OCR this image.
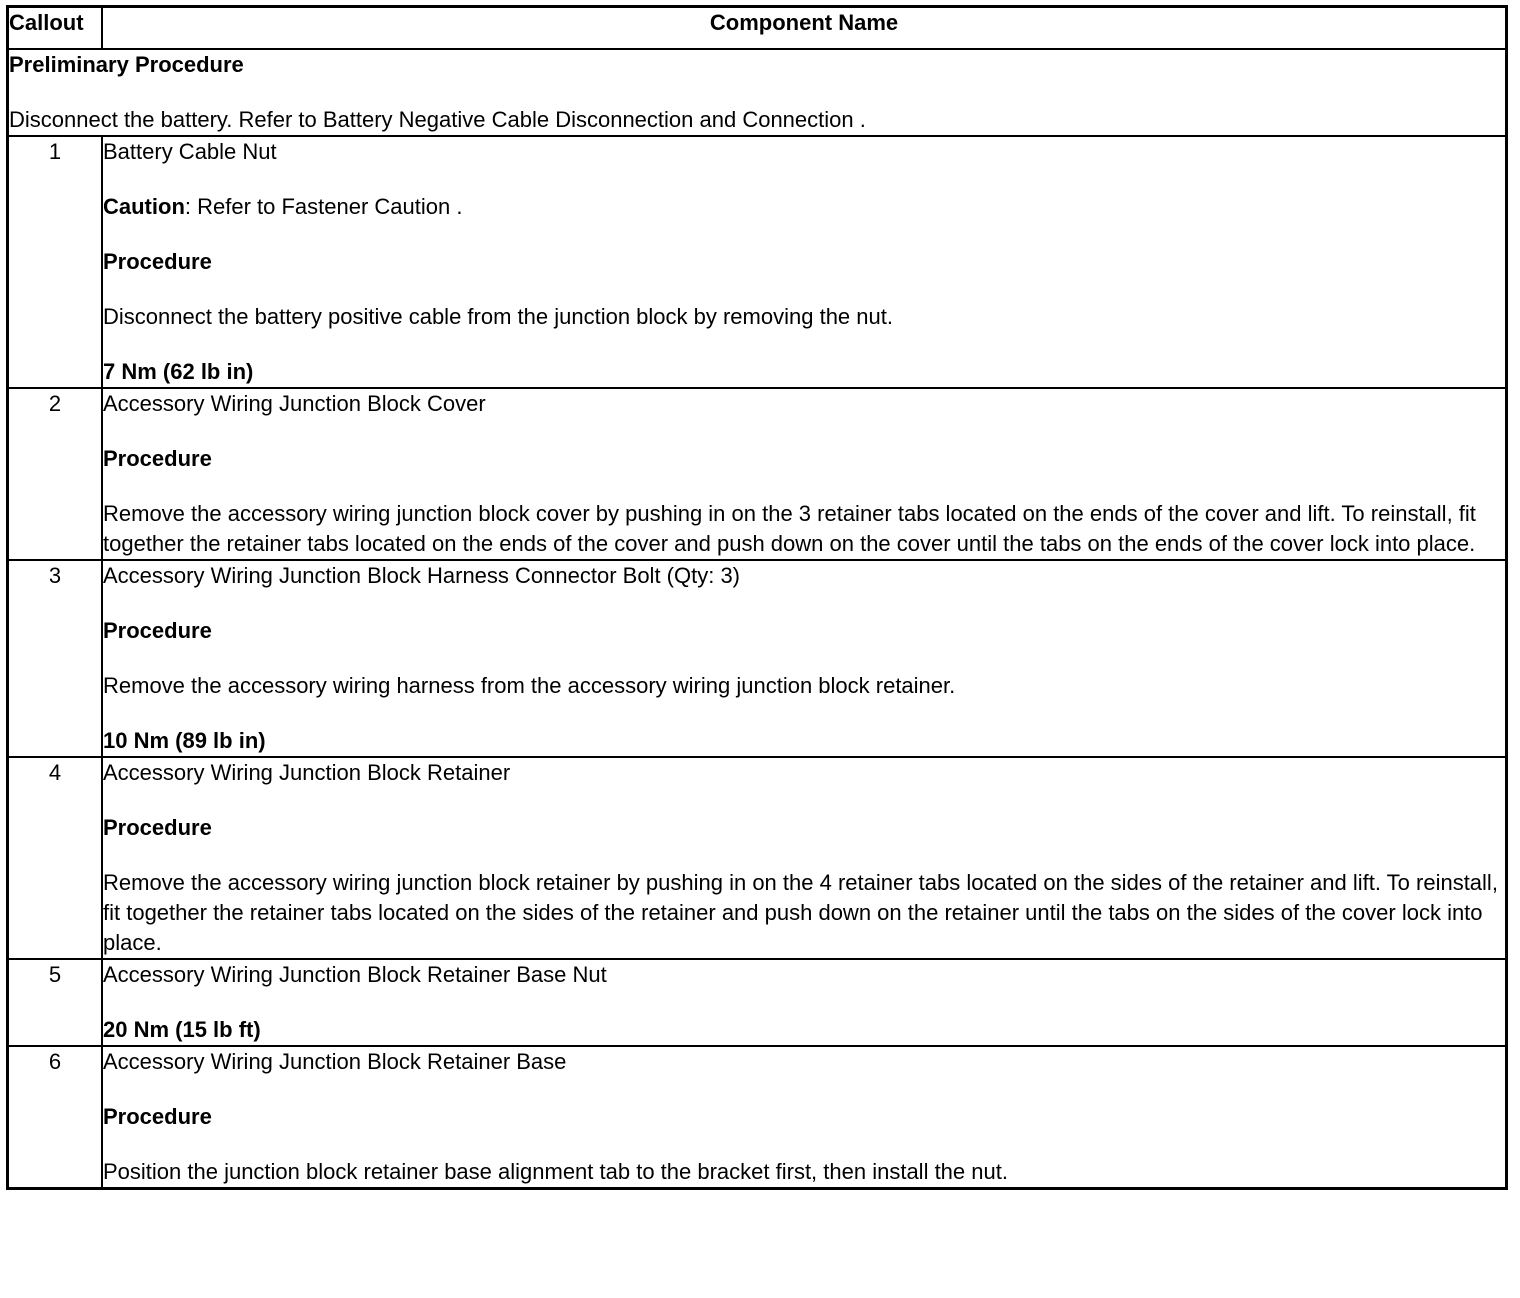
Callout	Component Name

Preliminary Procedure

Disconnect the battery. Refer to Battery Negative Cable Disconnection and Connection .	

1	Battery Cable Nut

Caution: Refer to Fastener Caution .

Procedure

Disconnect the battery positive cable from the junction block by removing the nut.

7 Nm (62 lb in)

2	Accessory Wiring Junction Block Cover

Procedure

Remove the accessory wiring junction block cover by pushing in on the 3 retainer tabs located on the ends of the cover and lift. To reinstall, fit together the retainer tabs located on the ends of the cover and push down on the cover until the tabs on the ends of the cover lock into place.

3	Accessory Wiring Junction Block Harness Connector Bolt (Qty: 3)

Procedure

Remove the accessory wiring harness from the accessory wiring junction block retainer.

10 Nm (89 lb in)

4	Accessory Wiring Junction Block Retainer

Procedure

Remove the accessory wiring junction block retainer by pushing in on the 4 retainer tabs located on the sides of the retainer and lift. To reinstall, fit together the retainer tabs located on the sides of the retainer and push down on the retainer until the tabs on the sides of the cover lock into place.

5	Accessory Wiring Junction Block Retainer Base Nut

20 Nm (15 lb ft)

6	Accessory Wiring Junction Block Retainer Base

Procedure

Position the junction block retainer base alignment tab to the bracket first, then install the nut.
